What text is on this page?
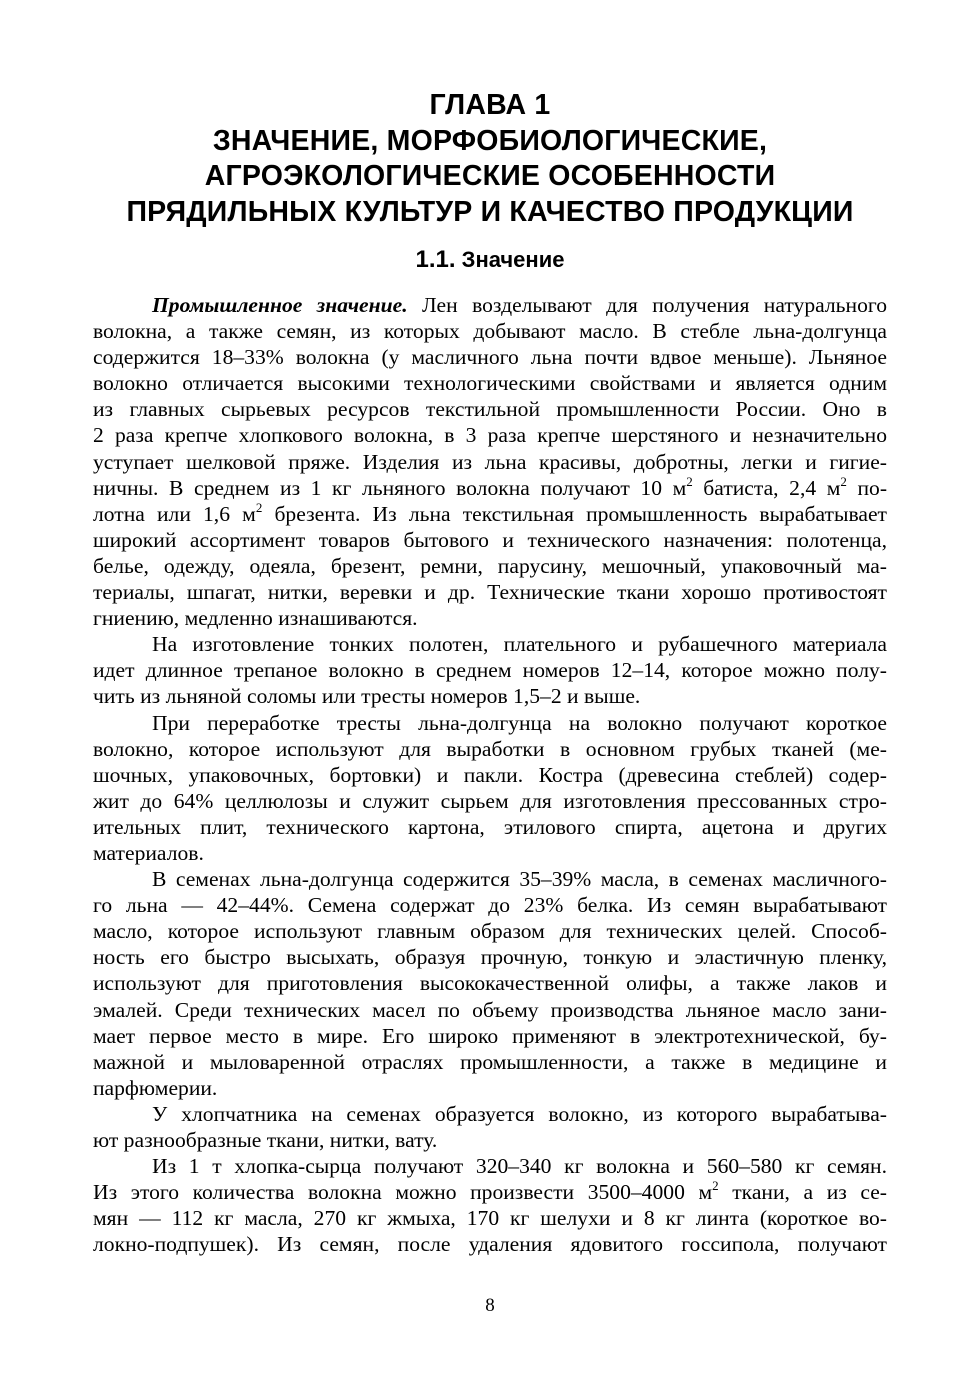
ГЛАВА 1
ЗНАЧЕНИЕ, МОРФОБИОЛОГИЧЕСКИЕ,
АГРОЭКОЛОГИЧЕСКИЕ ОСОБЕННОСТИ
ПРЯДИЛЬНЫХ КУЛЬТУР И КАЧЕСТВО ПРОДУКЦИИ
1.1. Значение
Промышленное значение. Лен возделывают для получения натурального
волокна, а также семян, из которых добывают масло. В стебле льна-долгунца
содержится 18–33% волокна (у масличного льна почти вдвое меньше). Льняное
волокно отличается высокими технологическими свойствами и является одним
из главных сырьевых ресурсов текстильной промышленности России. Оно в
2 раза крепче хлопкового волокна, в 3 раза крепче шерстяного и незначительно
уступает шелковой пряже. Изделия из льна красивы, добротны, легки и гигие-
ничны. В среднем из 1 кг льняного волокна получают 10 $м^2$ батиста, 2,4 $м^2$ по-
лотна или 1,6 $м^2$ брезента. Из льна текстильная промышленность вырабатывает
широкий ассортимент товаров бытового и технического назначения: полотенца,
белье, одежду, одеяла, брезент, ремни, парусину, мешочный, упаковочный ма-
териалы, шпагат, нитки, веревки и др. Технические ткани хорошо противостоят
гниению, медленно изнашиваются.
На изготовление тонких полотен, плательного и рубашечного материала
идет длинное трепаное волокно в среднем номеров 12–14, которое можно полу-
чить из льняной соломы или тресты номеров 1,5–2 и выше.
При переработке тресты льна-долгунца на волокно получают короткое
волокно, которое используют для выработки в основном грубых тканей (ме-
шочных, упаковочных, бортовки) и пакли. Костра (древесина стеблей) содер-
жит до 64% целлюлозы и служит сырьем для изготовления прессованных стро-
ительных плит, технического картона, этилового спирта, ацетона и других
материалов.
В семенах льна-долгунца содержится 35–39% масла, в семенах масличного-
го льна — 42–44%. Семена содержат до 23% белка. Из семян вырабатывают
масло, которое используют главным образом для технических целей. Способ-
ность его быстро высыхать, образуя прочную, тонкую и эластичную пленку,
используют для приготовления высококачественной олифы, а также лаков и
эмалей. Среди технических масел по объему производства льняное масло зани-
мает первое место в мире. Его широко применяют в электротехнической, бу-
мажной и мыловаренной отраслях промышленности, а также в медицине и
парфюмерии.
У хлопчатника на семенах образуется волокно, из которого вырабатыва-
ют разнообразные ткани, нитки, вату.
Из 1 т хлопка-сырца получают 320–340 кг волокна и 560–580 кг семян.
Из этого количества волокна можно произвести 3500–4000 $м^2$ ткани, а из се-
мян — 112 кг масла, 270 кг жмыха, 170 кг шелухи и 8 кг линта (короткое во-
локно-подпушек). Из семян, после удаления ядовитого госсипола, получают
8
